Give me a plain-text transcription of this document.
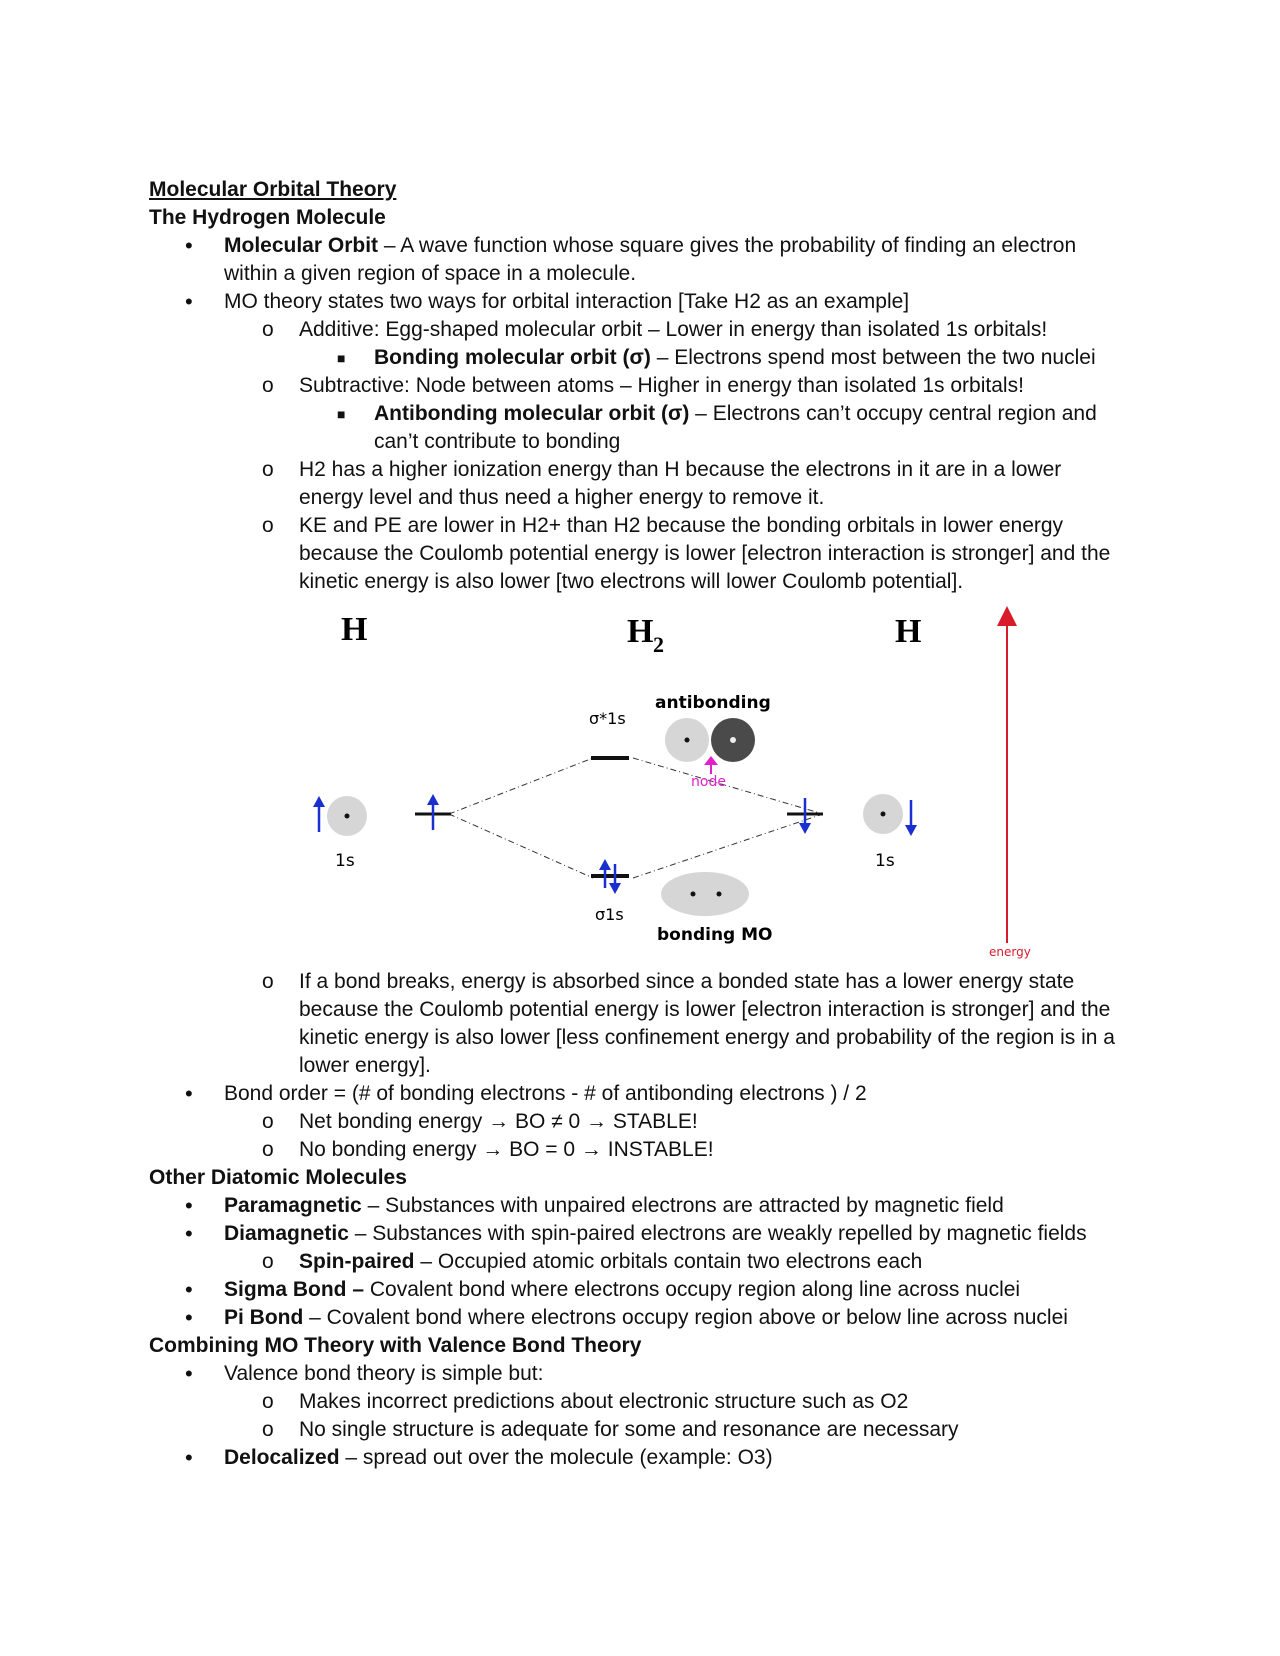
Molecular Orbital Theory
The Hydrogen Molecule
• Molecular Orbit – A wave function whose square gives the probability of finding an electron within a given region of space in a molecule.
• MO theory states two ways for orbital interaction [Take H2 as an example]
o Additive: Egg-shaped molecular orbit – Lower in energy than isolated 1s orbitals!
■ Bonding molecular orbit (σ) – Electrons spend most between the two nuclei
o Subtractive: Node between atoms – Higher in energy than isolated 1s orbitals!
■ Antibonding molecular orbit (σ) – Electrons can’t occupy central region and can’t contribute to bonding
o H2 has a higher ionization energy than H because the electrons in it are in a lower energy level and thus need a higher energy to remove it.
o KE and PE are lower in H2+ than H2 because the bonding orbitals in lower energy because the Coulomb potential energy is lower [electron interaction is stronger] and the kinetic energy is also lower [two electrons will lower Coulomb potential].
H	H 2	H
energy
1s
σ*1s
antibonding
node
1s
σ1s
bonding MO
o If a bond breaks, energy is absorbed since a bonded state has a lower energy state because the Coulomb potential energy is lower [electron interaction is stronger] and the kinetic energy is also lower [less confinement energy and probability of the region is in a lower energy].
• Bond order = (# of bonding electrons - # of antibonding electrons ) / 2
o Net bonding energy → BO ≠ 0 → STABLE!
o No bonding energy → BO = 0 → INSTABLE!
Other Diatomic Molecules
• Paramagnetic – Substances with unpaired electrons are attracted by magnetic field
• Diamagnetic – Substances with spin-paired electrons are weakly repelled by magnetic fields
o Spin-paired – Occupied atomic orbitals contain two electrons each
• Sigma Bond – Covalent bond where electrons occupy region along line across nuclei
• Pi Bond – Covalent bond where electrons occupy region above or below line across nuclei
Combining MO Theory with Valence Bond Theory
• Valence bond theory is simple but:
o Makes incorrect predictions about electronic structure such as O2
o No single structure is adequate for some and resonance are necessary
• Delocalized – spread out over the molecule (example: O3)
